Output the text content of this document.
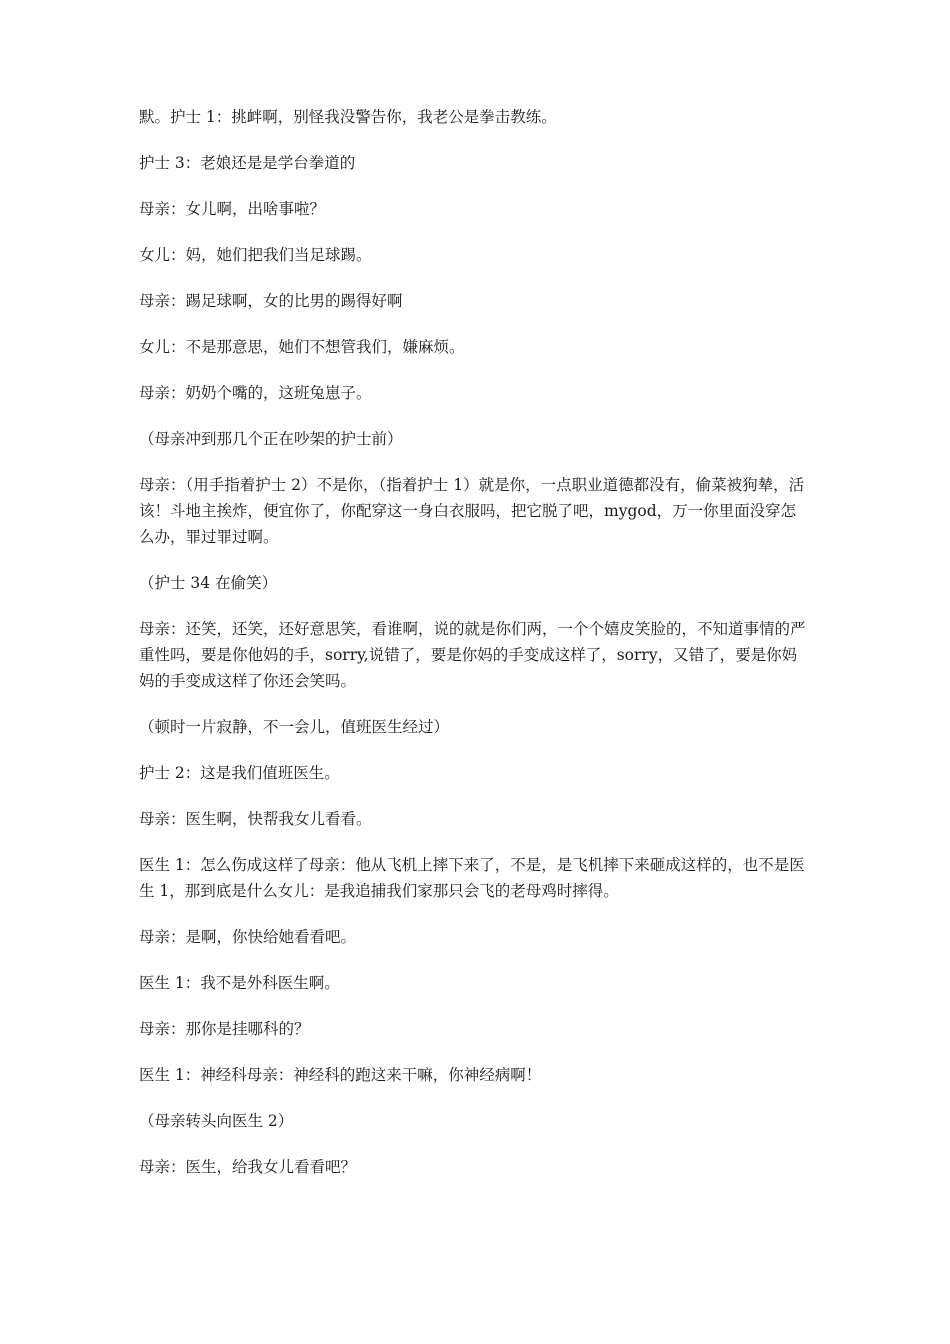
默。护士 1：挑衅啊，别怪我没警告你，我老公是拳击教练。

护士 3：老娘还是是学台拳道的

母亲：女儿啊，出啥事啦？

女儿：妈，她们把我们当足球踢。

母亲：踢足球啊，女的比男的踢得好啊

女儿：不是那意思，她们不想管我们，嫌麻烦。

母亲：奶奶个嘴的，这班兔崽子。

（母亲冲到那几个正在吵架的护士前）

母亲：（用手指着护士 2）不是你，（指着护士 1）就是你，一点职业道德都没有，偷菜被狗辇，活该！斗地主挨炸，便宜你了，你配穿这一身白衣服吗，把它脱了吧，mygod，万一你里面没穿怎么办，罪过罪过啊。

（护士 34 在偷笑）

母亲：还笑，还笑，还好意思笑，看谁啊，说的就是你们两，一个个嬉皮笑脸的，不知道事情的严重性吗，要是你他妈的手，sorry,说错了，要是你妈的手变成这样了，sorry，又错了，要是你妈妈的手变成这样了你还会笑吗。

（顿时一片寂静，不一会儿，值班医生经过）

护士 2：这是我们值班医生。

母亲：医生啊，快帮我女儿看看。

医生 1：怎么伤成这样了母亲：他从飞机上摔下来了，不是，是飞机摔下来砸成这样的，也不是医生 1，那到底是什么女儿：是我追捕我们家那只会飞的老母鸡时摔得。

母亲：是啊，你快给她看看吧。

医生 1：我不是外科医生啊。

母亲：那你是挂哪科的？

医生 1：神经科母亲：神经科的跑这来干嘛，你神经病啊！

（母亲转头向医生 2）

母亲：医生，给我女儿看看吧？
